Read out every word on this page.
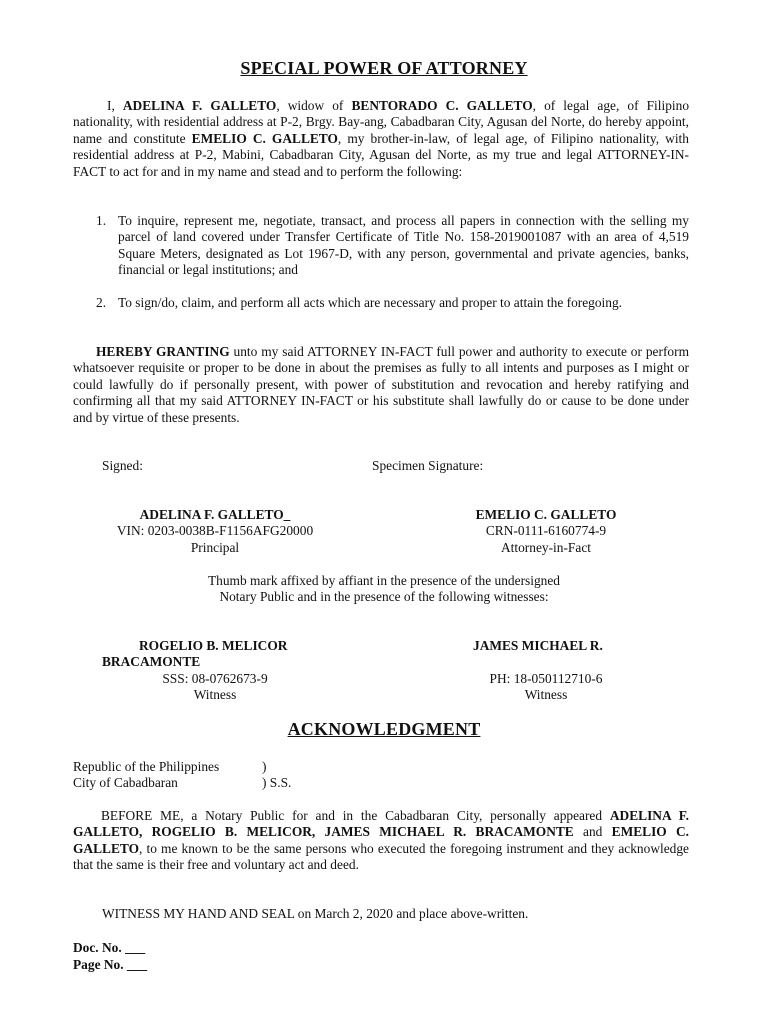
SPECIAL POWER OF ATTORNEY
I, ADELINA F. GALLETO, widow of BENTORADO C. GALLETO, of legal age, of Filipino nationality, with residential address at P-2, Brgy. Bay-ang, Cabadbaran City, Agusan del Norte, do hereby appoint, name and constitute EMELIO C. GALLETO, my brother-in-law, of legal age, of Filipino nationality, with residential address at P-2, Mabini, Cabadbaran City, Agusan del Norte, as my true and legal ATTORNEY-IN-FACT to act for and in my name and stead and to perform the following:
1. To inquire, represent me, negotiate, transact, and process all papers in connection with the selling my parcel of land covered under Transfer Certificate of Title No. 158-2019001087 with an area of 4,519 Square Meters, designated as Lot 1967-D, with any person, governmental and private agencies, banks, financial or legal institutions; and
2. To sign/do, claim, and perform all acts which are necessary and proper to attain the foregoing.
HEREBY GRANTING unto my said ATTORNEY IN-FACT full power and authority to execute or perform whatsoever requisite or proper to be done in about the premises as fully to all intents and purposes as I might or could lawfully do if personally present, with power of substitution and revocation and hereby ratifying and confirming all that my said ATTORNEY IN-FACT or his substitute shall lawfully do or cause to be done under and by virtue of these presents.
Signed:	Specimen Signature:
ADELINA F. GALLETO_
VIN: 0203-0038B-F1156AFG20000
Principal
EMELIO C. GALLETO
CRN-0111-6160774-9
Attorney-in-Fact
Thumb mark affixed by affiant in the presence of the undersigned
Notary Public and in the presence of the following witnesses:
ROGELIO B. MELICOR
BRACAMONTE
SSS: 08-0762673-9
Witness
JAMES MICHAEL R.
PH: 18-050112710-6
Witness
ACKNOWLEDGMENT
Republic of the Philippines	)
City of Cabadbaran	) S.S.
BEFORE ME, a Notary Public for and in the Cabadbaran City, personally appeared ADELINA F. GALLETO, ROGELIO B. MELICOR, JAMES MICHAEL R. BRACAMONTE and EMELIO C. GALLETO, to me known to be the same persons who executed the foregoing instrument and they acknowledge that the same is their free and voluntary act and deed.
WITNESS MY HAND AND SEAL on March 2, 2020 and place above-written.
Doc. No. ___
Page No. ___
